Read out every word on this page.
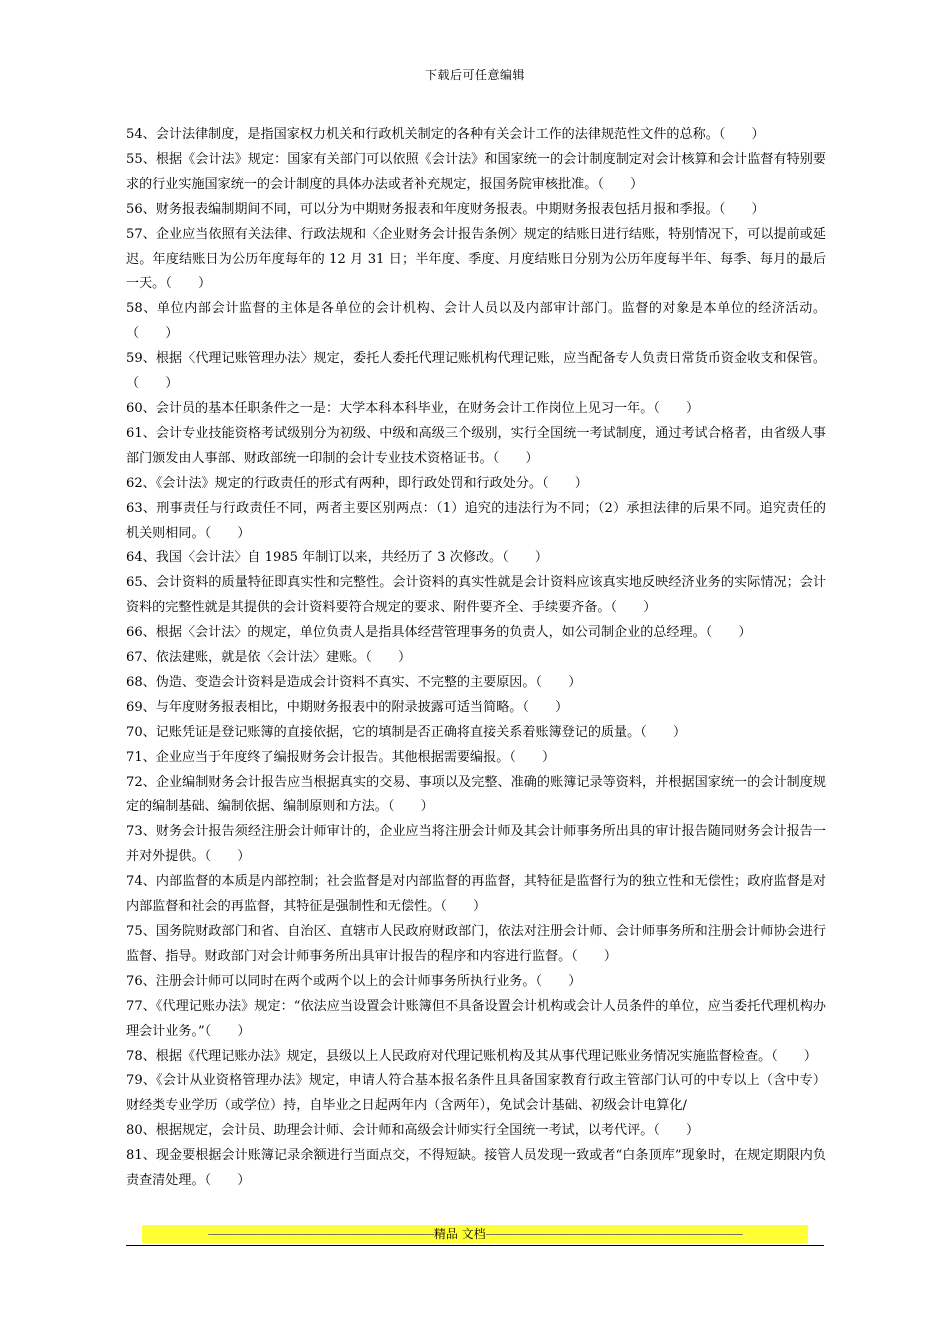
下载后可任意编辑

54、会计法律制度，是指国家权力机关和行政机关制定的各种有关会计工作的法律规范性文件的总称。（　　）

55、根据《会计法》规定：国家有关部门可以依照《会计法》和国家统一的会计制度制定对会计核算和会计监督有特别要求的行业实施国家统一的会计制度的具体办法或者补充规定，报国务院审核批准。（　　）

56、财务报表编制期间不同，可以分为中期财务报表和年度财务报表。中期财务报表包括月报和季报。（　　）

57、企业应当依照有关法律、行政法规和〈企业财务会计报告条例〉规定的结账日进行结账，特别情况下，可以提前或延迟。年度结账日为公历年度每年的 12 月 31 日；半年度、季度、月度结账日分别为公历年度每半年、每季、每月的最后一天。（　　）

58、单位内部会计监督的主体是各单位的会计机构、会计人员以及内部审计部门。监督的对象是本单位的经济活动。（　　）

59、根据〈代理记账管理办法〉规定，委托人委托代理记账机构代理记账，应当配备专人负责日常货币资金收支和保管。（　　）

60、会计员的基本任职条件之一是：大学本科本科毕业，在财务会计工作岗位上见习一年。（　　）

61、会计专业技能资格考试级别分为初级、中级和高级三个级别，实行全国统一考试制度，通过考试合格者，由省级人事部门颁发由人事部、财政部统一印制的会计专业技术资格证书。（　　）

62、《会计法》规定的行政责任的形式有两种，即行政处罚和行政处分。（　　）

63、刑事责任与行政责任不同，两者主要区别两点：（1）追究的违法行为不同；（2）承担法律的后果不同。追究责任的机关则相同。（　　）

64、我国〈会计法〉自 1985 年制订以来，共经历了 3 次修改。（　　）

65、会计资料的质量特征即真实性和完整性。会计资料的真实性就是会计资料应该真实地反映经济业务的实际情况；会计资料的完整性就是其提供的会计资料要符合规定的要求、附件要齐全、手续要齐备。（　　）

66、根据〈会计法〉的规定，单位负责人是指具体经营管理事务的负责人，如公司制企业的总经理。（　　）

67、依法建账，就是依〈会计法〉建账。（　　）

68、伪造、变造会计资料是造成会计资料不真实、不完整的主要原因。（　　）

69、与年度财务报表相比，中期财务报表中的附录披露可适当简略。（　　）

70、记账凭证是登记账簿的直接依据，它的填制是否正确将直接关系着账簿登记的质量。（　　）

71、企业应当于年度终了编报财务会计报告。其他根据需要编报。（　　）

72、企业编制财务会计报告应当根据真实的交易、事项以及完整、准确的账簿记录等资料，并根据国家统一的会计制度规定的编制基础、编制依据、编制原则和方法。（　　）

73、财务会计报告须经注册会计师审计的，企业应当将注册会计师及其会计师事务所出具的审计报告随同财务会计报告一并对外提供。（　　）

74、内部监督的本质是内部控制；社会监督是对内部监督的再监督，其特征是监督行为的独立性和无偿性；政府监督是对内部监督和社会的再监督，其特征是强制性和无偿性。（　　）

75、国务院财政部门和省、自治区、直辖市人民政府财政部门，依法对注册会计师、会计师事务所和注册会计师协会进行监督、指导。财政部门对会计师事务所出具审计报告的程序和内容进行监督。（　　）

76、注册会计师可以同时在两个或两个以上的会计师事务所执行业务。（　　）

77、《代理记账办法》规定：“依法应当设置会计账簿但不具备设置会计机构或会计人员条件的单位，应当委托代理机构办理会计业务。”（　　）

78、根据《代理记账办法》规定，县级以上人民政府对代理记账机构及其从事代理记账业务情况实施监督检查。（　　）

79、《会计从业资格管理办法》规定，申请人符合基本报名条件且具备国家教育行政主管部门认可的中专以上（含中专）财经类专业学历（或学位）持，自毕业之日起两年内（含两年），免试会计基础、初级会计电算化/

80、根据规定，会计员、助理会计师、会计师和高级会计师实行全国统一考试，以考代评。（　　）

81、现金要根据会计账簿记录余额进行当面点交，不得短缺。接管人员发现一致或者“白条顶库”现象时，在规定期限内负责查清处理。（　　）

--------------------------------------------------------------------------精品 文档------------------------------------------------------------------------------------
